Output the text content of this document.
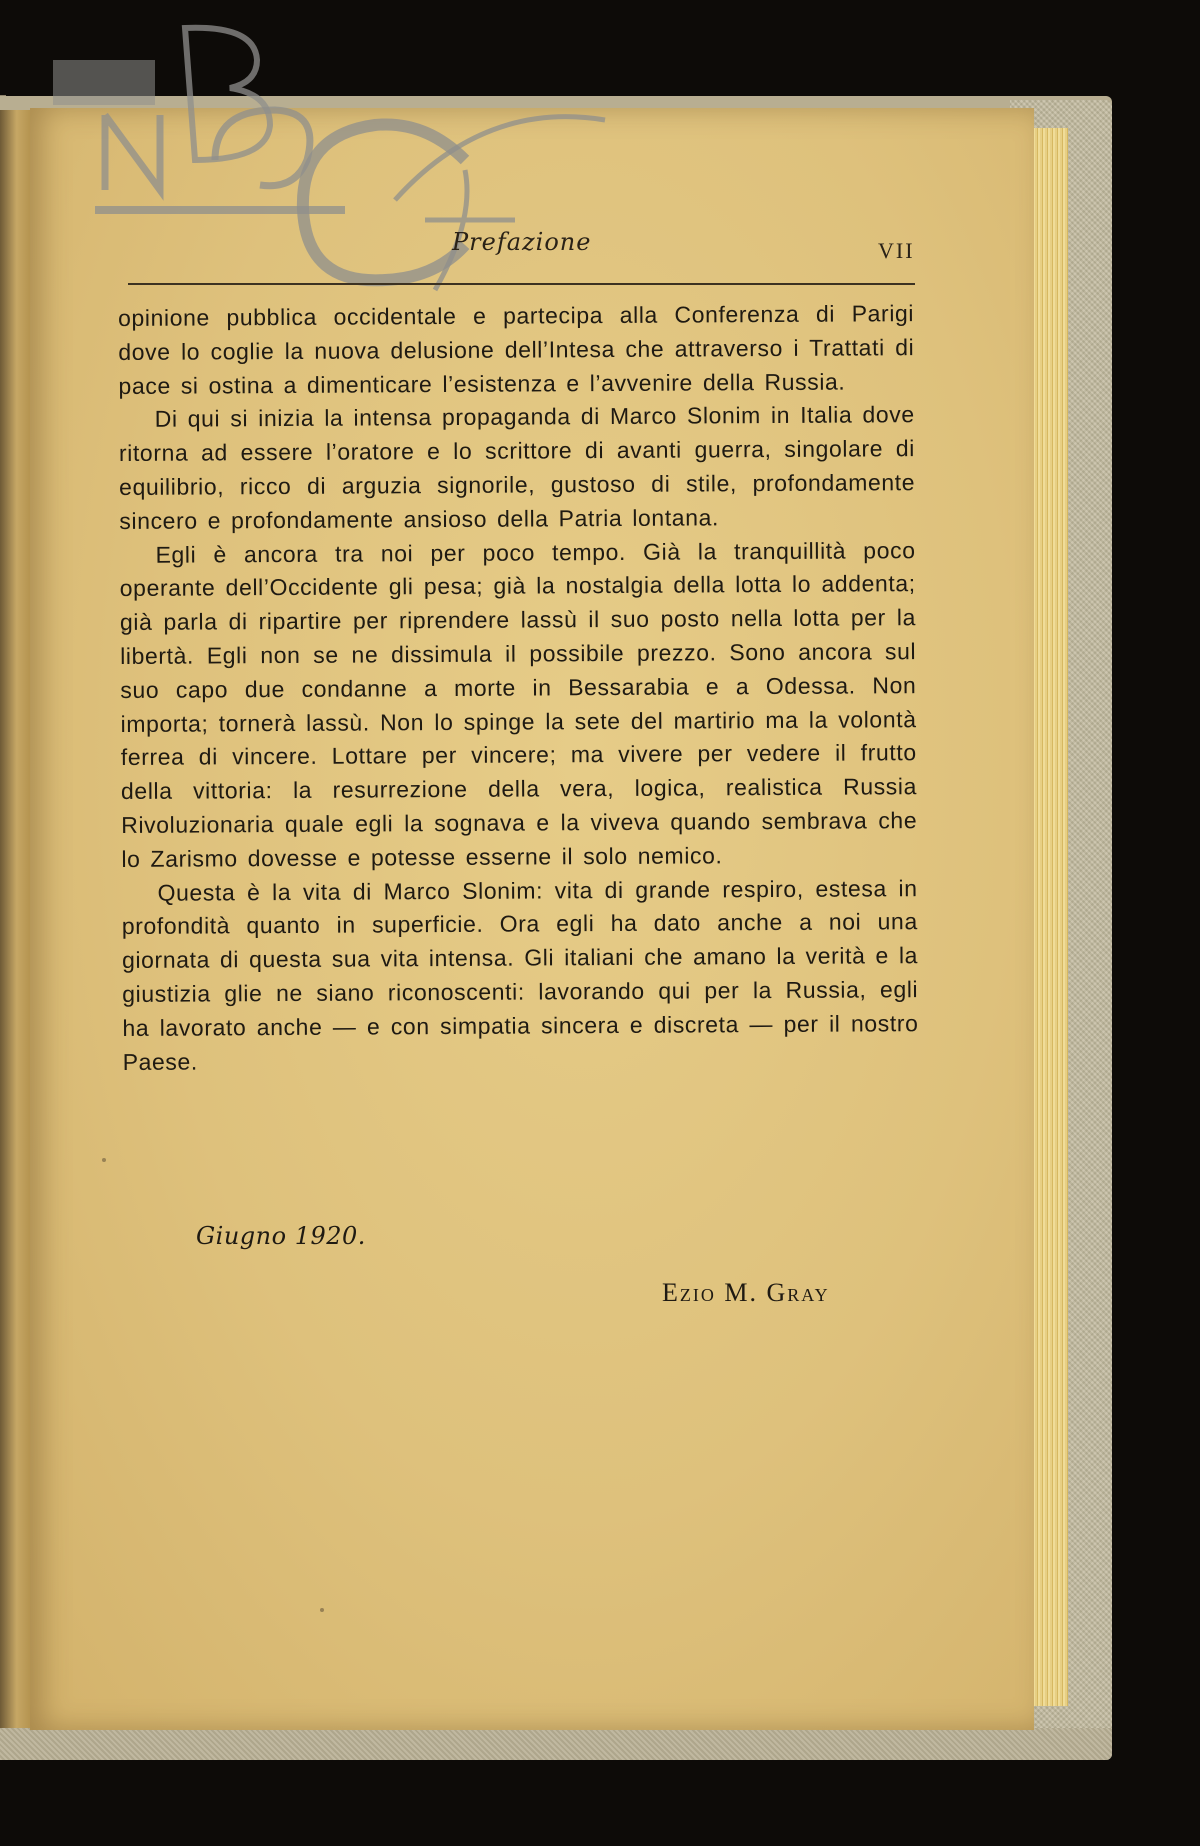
Prefazione	VII

opinione pubblica occidentale e partecipa alla Conferenza di Parigi dove lo coglie la nuova delusione dell’Intesa che attraverso i Trattati di pace si ostina a dimenticare l’esistenza e l’avvenire della Russia.

Di qui si inizia la intensa propaganda di Marco Slonim in Italia dove ritorna ad essere l’oratore e lo scrittore di avanti guerra, singolare di equilibrio, ricco di arguzia signorile, gustoso di stile, profondamente sincero e profondamente ansioso della Patria lontana.

Egli è ancora tra noi per poco tempo. Già la tranquillità poco operante dell’Occidente gli pesa; già la nostalgia della lotta lo addenta; già parla di ripartire per riprendere lassù il suo posto nella lotta per la libertà. Egli non se ne dissimula il possibile prezzo. Sono ancora sul suo capo due condanne a morte in Bessarabia e a Odessa. Non importa; tornerà lassù. Non lo spinge la sete del martirio ma la volontà ferrea di vincere. Lottare per vincere; ma vivere per vedere il frutto della vittoria: la resurrezione della vera, logica, realistica Russia Rivoluzionaria quale egli la sognava e la viveva quando sembrava che lo Zarismo dovesse e potesse esserne il solo nemico.

Questa è la vita di Marco Slonim: vita di grande respiro, estesa in profondità quanto in superficie. Ora egli ha dato anche a noi una giornata di questa sua vita intensa. Gli italiani che amano la verità e la giustizia glie ne siano riconoscenti: lavorando qui per la Russia, egli ha lavorato anche — e con simpatia sincera e discreta — per il nostro Paese.

Giugno 1920.
Ezio M. Gray
